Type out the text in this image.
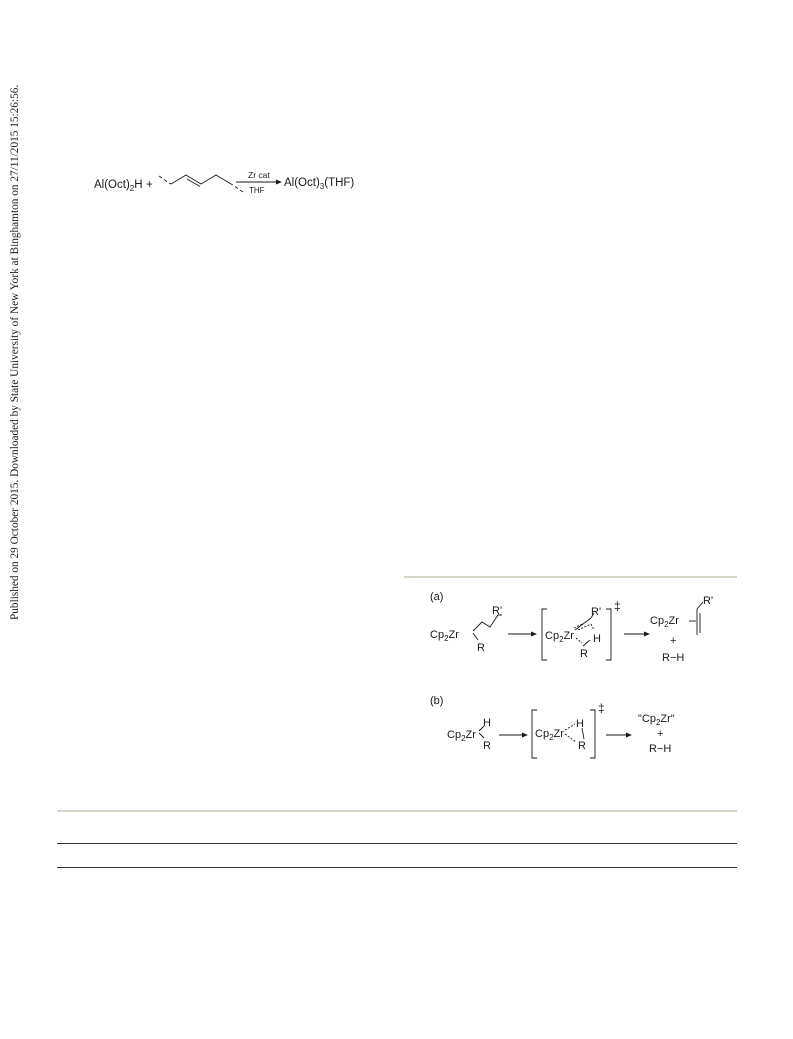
Published on 29 October 2015. Downloaded by State University of New York at Binghamton on 27/11/2015 15:26:56.	$Al(Oct)_2H$ +
Zr cat
THF
$Al(Oct)_3(THF)$
(a)
$Cp_2Zr$
R'
R
$Cp_2Zr$
R'
H
R
‡
$Cp_2Zr$
R'
+
R−H
(b)
$Cp_2Zr$
H
R
$Cp_2Zr$
H
R
‡
"$Cp_2Zr$"
+
R−H
